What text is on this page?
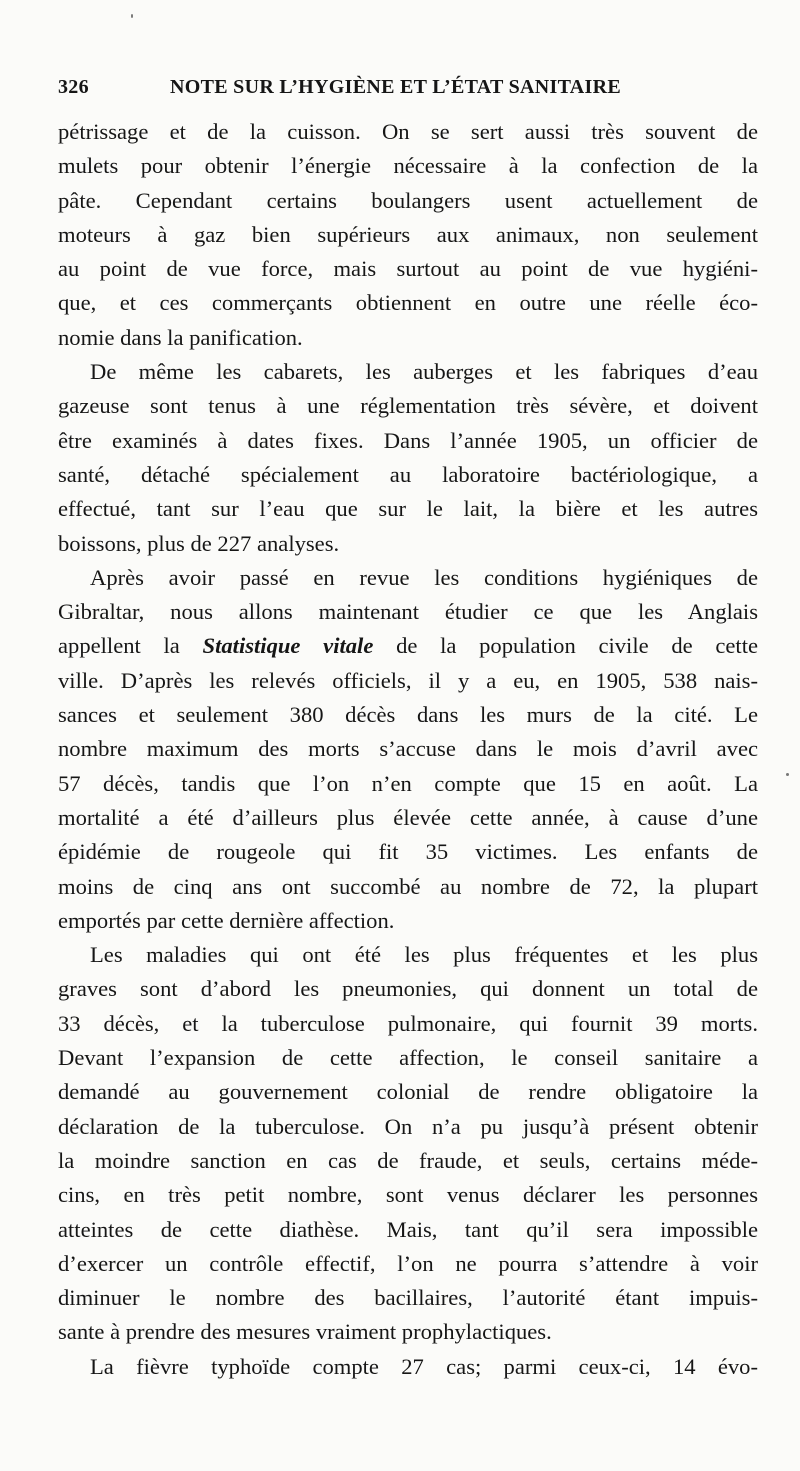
326	NOTE SUR L’HYGIÈNE ET L’ÉTAT SANITAIRE
pétrissage et de la cuisson. On se sert aussi très souvent de
mulets pour obtenir l’énergie nécessaire à la confection de la
pâte. Cependant certains boulangers usent actuellement de
moteurs à gaz bien supérieurs aux animaux, non seulement
au point de vue force, mais surtout au point de vue hygiéni-
que, et ces commerçants obtiennent en outre une réelle éco-
nomie dans la panification.
De même les cabarets, les auberges et les fabriques d’eau
gazeuse sont tenus à une réglementation très sévère, et doivent
être examinés à dates fixes. Dans l’année 1905, un officier de
santé, détaché spécialement au laboratoire bactériologique, a
effectué, tant sur l’eau que sur le lait, la bière et les autres
boissons, plus de 227 analyses.
Après avoir passé en revue les conditions hygiéniques de
Gibraltar, nous allons maintenant étudier ce que les Anglais
appellent la Statistique vitale de la population civile de cette
ville. D’après les relevés officiels, il y a eu, en 1905, 538 nais-
sances et seulement 380 décès dans les murs de la cité. Le
nombre maximum des morts s’accuse dans le mois d’avril avec
57 décès, tandis que l’on n’en compte que 15 en août. La
mortalité a été d’ailleurs plus élevée cette année, à cause d’une
épidémie de rougeole qui fit 35 victimes. Les enfants de
moins de cinq ans ont succombé au nombre de 72, la plupart
emportés par cette dernière affection.
Les maladies qui ont été les plus fréquentes et les plus
graves sont d’abord les pneumonies, qui donnent un total de
33 décès, et la tuberculose pulmonaire, qui fournit 39 morts.
Devant l’expansion de cette affection, le conseil sanitaire a
demandé au gouvernement colonial de rendre obligatoire la
déclaration de la tuberculose. On n’a pu jusqu’à présent obtenir
la moindre sanction en cas de fraude, et seuls, certains méde-
cins, en très petit nombre, sont venus déclarer les personnes
atteintes de cette diathèse. Mais, tant qu’il sera impossible
d’exercer un contrôle effectif, l’on ne pourra s’attendre à voir
diminuer le nombre des bacillaires, l’autorité étant impuis-
sante à prendre des mesures vraiment prophylactiques.
La fièvre typhoïde compte 27 cas; parmi ceux-ci, 14 évo-
